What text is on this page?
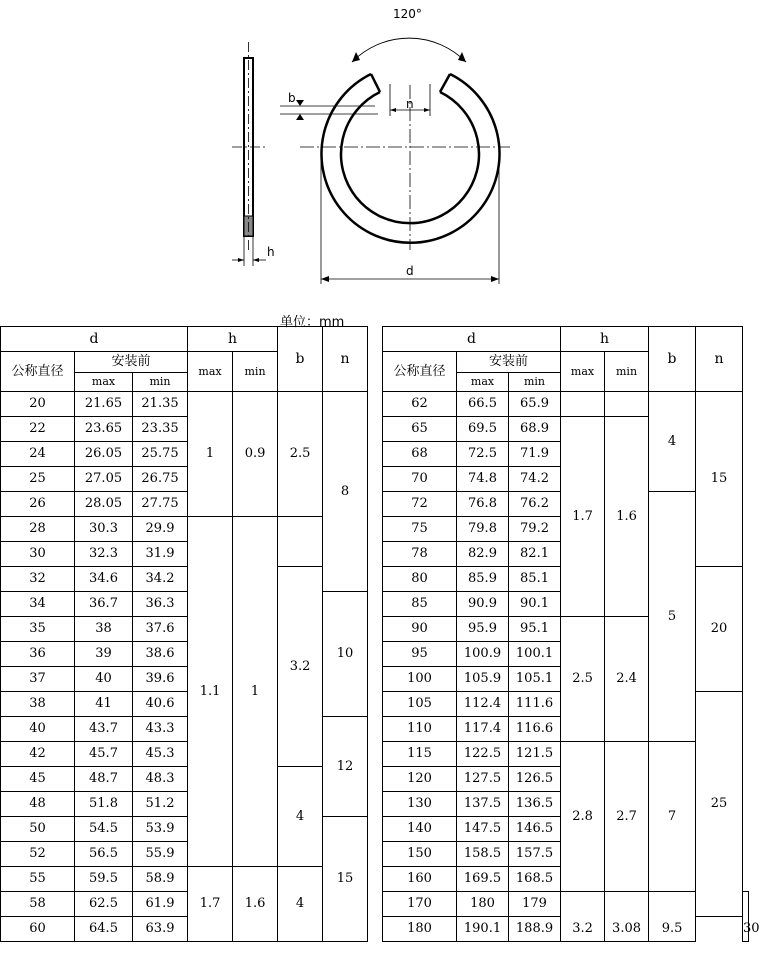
h
120°
b	n
d
单位：mm
d			h		b	n
公称直径	安装前		max	min		
	max	min				
20	21.65	21.35	1	0.9	2.5	8
22	23.65	23.35				
24	26.05	25.75				
25	27.05	26.75				
26	28.05	27.75				
28	30.3	29.9	1.1	1		
30	32.3	31.9				
32	34.6	34.2			3.2	
34	36.7	36.3				10
35	38	37.6				
36	39	38.6				
37	40	39.6				
38	41	40.6				
40	43.7	43.3				12
42	45.7	45.3				
45	48.7	48.3			4	
48	51.8	51.2				
50	54.5	53.9				15
52	56.5	55.9				
55	59.5	58.9	1.7	1.6	4	
58	62.5	61.9				
60	64.5	63.9				
d			h		b	n	
公称直径	安装前		max	min			
	max	min					
62	66.5	65.9			4	15	
65	69.5	68.9	1.7	1.6			
68	72.5	71.9					
70	74.8	74.2					
72	76.8	76.2			5		
75	79.8	79.2					
78	82.9	82.1					
80	85.9	85.1				20	
85	90.9	90.1					
90	95.9	95.1	2.5	2.4			
95	100.9	100.1					
100	105.9	105.1					
105	112.4	111.6				25	
110	117.4	116.6					
115	122.5	121.5	2.8	2.7	7		
120	127.5	126.5					
130	137.5	136.5					
140	147.5	146.5					
150	158.5	157.5					
160	169.5	168.5					
170	180	179	3.2	3.08	9.5		30
180	190.1	188.9					
